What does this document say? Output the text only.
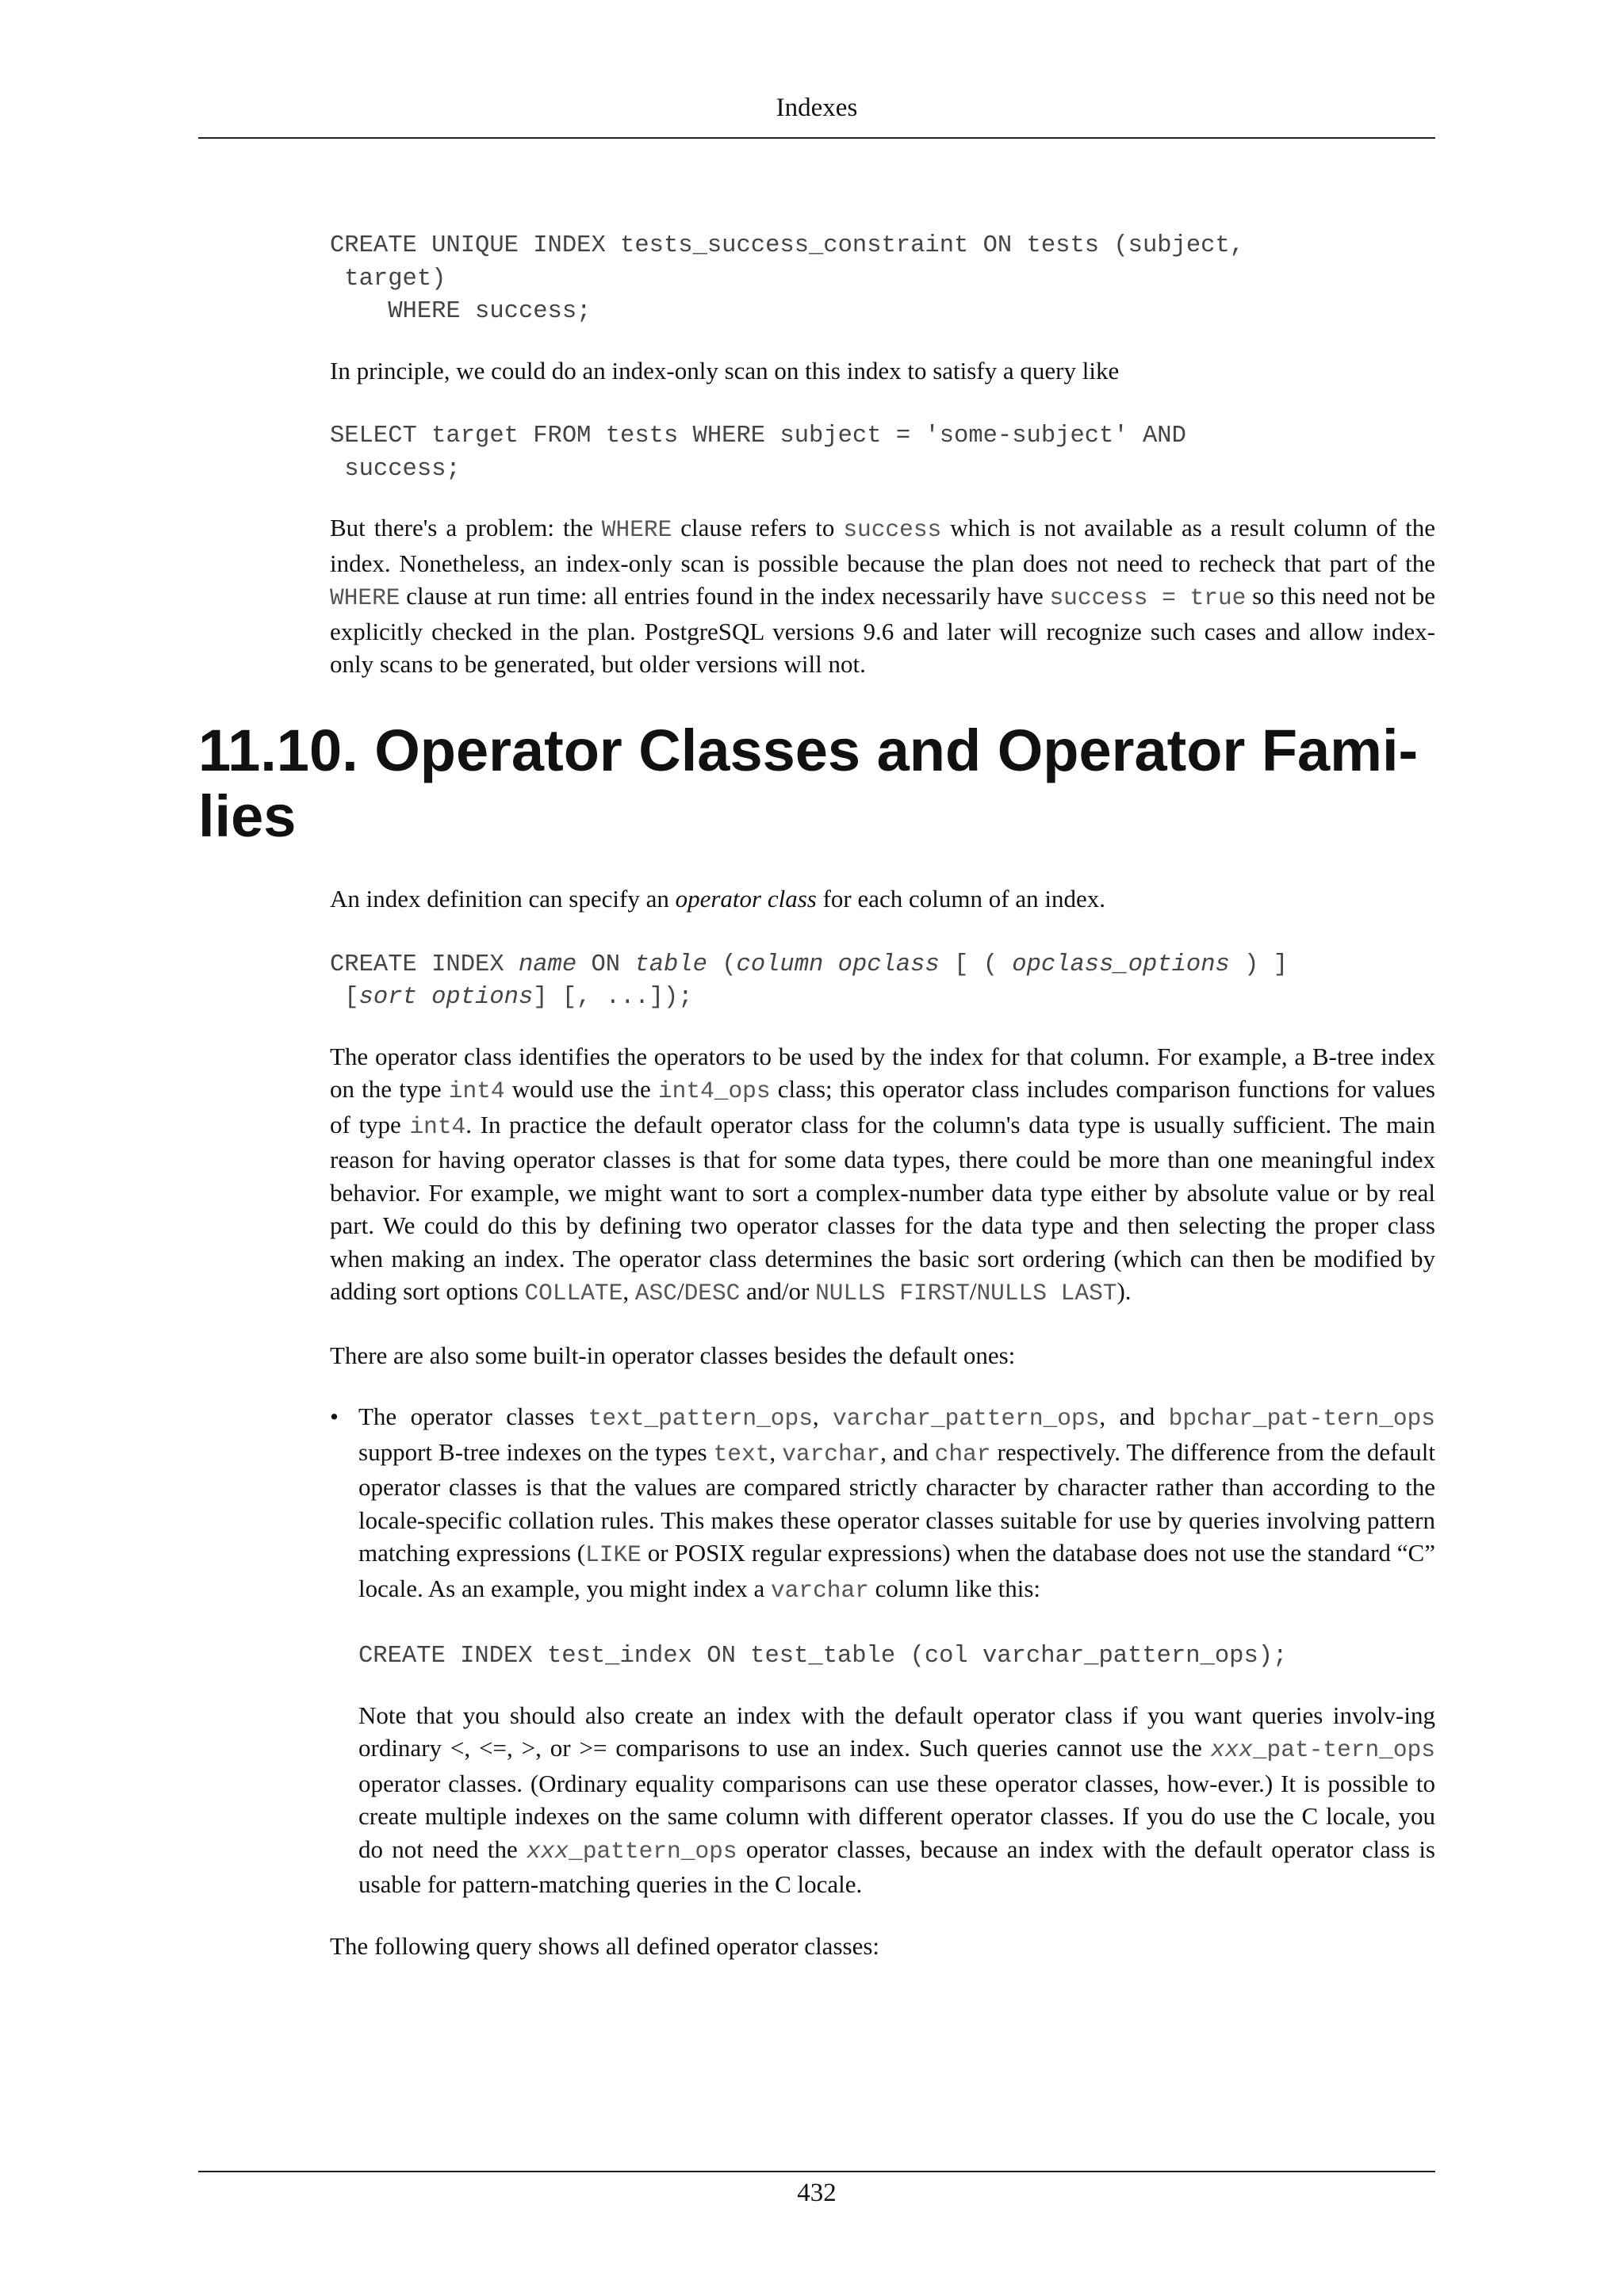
Indexes
CREATE UNIQUE INDEX tests_success_constraint ON tests (subject,
target)
WHERE success;

In principle, we could do an index-only scan on this index to satisfy a query like

SELECT target FROM tests WHERE subject = 'some-subject' AND
success;

But there's a problem: the WHERE clause refers to success which is not available as a result column of the index. Nonetheless, an index-only scan is possible because the plan does not need to recheck that part of the WHERE clause at run time: all entries found in the index necessarily have success = true so this need not be explicitly checked in the plan. PostgreSQL versions 9.6 and later will recognize such cases and allow index-only scans to be generated, but older versions will not.

11.10. Operator Classes and Operator Fami-
lies

An index definition can specify an operator class for each column of an index.

CREATE INDEX name ON table (column opclass [ ( opclass_options ) ]
[sort options] [, ...]);

The operator class identifies the operators to be used by the index for that column. For example, a B-tree index on the type int4 would use the int4_ops class; this operator class includes comparison functions for values of type int4. In practice the default operator class for the column's data type is usually sufficient. The main reason for having operator classes is that for some data types, there could be more than one meaningful index behavior. For example, we might want to sort a complex-number data type either by absolute value or by real part. We could do this by defining two operator classes for the data type and then selecting the proper class when making an index. The operator class determines the basic sort ordering (which can then be modified by adding sort options COLLATE, ASC/DESC and/or NULLS FIRST/NULLS LAST).

There are also some built-in operator classes besides the default ones:

• The operator classes text_pattern_ops, varchar_pattern_ops, and bpchar_pat-tern_ops support B-tree indexes on the types text, varchar, and char respectively. The difference from the default operator classes is that the values are compared strictly character by character rather than according to the locale-specific collation rules. This makes these operator classes suitable for use by queries involving pattern matching expressions (LIKE or POSIX regular expressions) when the database does not use the standard “C” locale. As an example, you might index a varchar column like this:

CREATE INDEX test_index ON test_table (col varchar_pattern_ops);

Note that you should also create an index with the default operator class if you want queries involv-ing ordinary <, <=, >, or >= comparisons to use an index. Such queries cannot use the xxx_pat-tern_ops operator classes. (Ordinary equality comparisons can use these operator classes, how-ever.) It is possible to create multiple indexes on the same column with different operator classes. If you do use the C locale, you do not need the xxx_pattern_ops operator classes, because an index with the default operator class is usable for pattern-matching queries in the C locale.

The following query shows all defined operator classes:

432
